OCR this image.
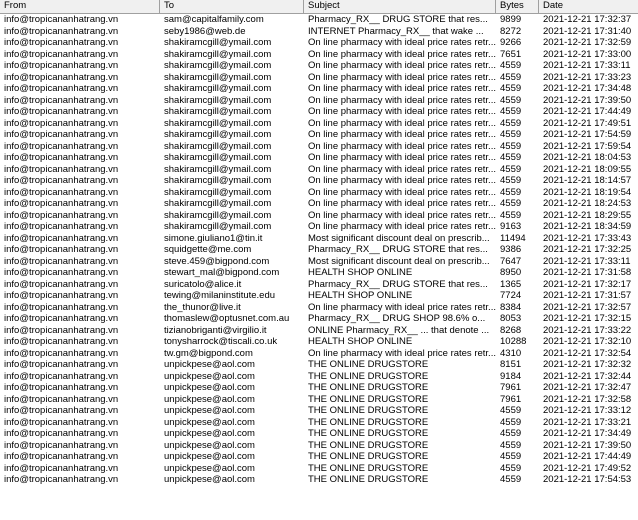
From	To	Subject	Bytes	Date
info@tropicananhatrang.vn	sam@capitalfamily.com	Pharmacy_RX__ DRUG STORE that res...	9899	2021-12-21 17:32:37
info@tropicananhatrang.vn	seby1986@web.de	INTERNET Pharmacy_RX__ that wake ...	8272	2021-12-21 17:31:40
info@tropicananhatrang.vn	shakiramcgill@ymail.com	On line pharmacy with ideal price rates retr... 9266	2021-12-21 17:32:59
info@tropicananhatrang.vn	shakiramcgill@ymail.com	On line pharmacy with ideal price rates retr... 7651	2021-12-21 17:33:00
info@tropicananhatrang.vn	shakiramcgill@ymail.com	On line pharmacy with ideal price rates retr... 4559	2021-12-21 17:33:11
info@tropicananhatrang.vn	shakiramcgill@ymail.com	On line pharmacy with ideal price rates retr... 4559	2021-12-21 17:33:23
info@tropicananhatrang.vn	shakiramcgill@ymail.com	On line pharmacy with ideal price rates retr... 4559	2021-12-21 17:34:48
info@tropicananhatrang.vn	shakiramcgill@ymail.com	On line pharmacy with ideal price rates retr... 4559	2021-12-21 17:39:50
info@tropicananhatrang.vn	shakiramcgill@ymail.com	On line pharmacy with ideal price rates retr... 4559	2021-12-21 17:44:49
info@tropicananhatrang.vn	shakiramcgill@ymail.com	On line pharmacy with ideal price rates retr... 4559	2021-12-21 17:49:51
info@tropicananhatrang.vn	shakiramcgill@ymail.com	On line pharmacy with ideal price rates retr... 4559	2021-12-21 17:54:59
info@tropicananhatrang.vn	shakiramcgill@ymail.com	On line pharmacy with ideal price rates retr... 4559	2021-12-21 17:59:54
info@tropicananhatrang.vn	shakiramcgill@ymail.com	On line pharmacy with ideal price rates retr... 4559	2021-12-21 18:04:53
info@tropicananhatrang.vn	shakiramcgill@ymail.com	On line pharmacy with ideal price rates retr... 4559	2021-12-21 18:09:55
info@tropicananhatrang.vn	shakiramcgill@ymail.com	On line pharmacy with ideal price rates retr... 4559	2021-12-21 18:14:57
info@tropicananhatrang.vn	shakiramcgill@ymail.com	On line pharmacy with ideal price rates retr... 4559	2021-12-21 18:19:54
info@tropicananhatrang.vn	shakiramcgill@ymail.com	On line pharmacy with ideal price rates retr... 4559	2021-12-21 18:24:53
info@tropicananhatrang.vn	shakiramcgill@ymail.com	On line pharmacy with ideal price rates retr... 4559	2021-12-21 18:29:55
info@tropicananhatrang.vn	shakiramcgill@ymail.com	On line pharmacy with ideal price rates retr... 9163	2021-12-21 18:34:59
info@tropicananhatrang.vn	simone.giuliano1@tin.it	Most significant discount deal on prescrib...	11494	2021-12-21 17:33:43
info@tropicananhatrang.vn	squidgette@me.com	Pharmacy_RX__ DRUG STORE that res...	9386	2021-12-21 17:32:25
info@tropicananhatrang.vn	steve.459@bigpond.com	Most significant discount deal on prescrib...	7647	2021-12-21 17:33:11
info@tropicananhatrang.vn	stewart_mal@bigpond.com	HEALTH SHOP ONLINE	8950	2021-12-21 17:31:58
info@tropicananhatrang.vn	suricatolo@alice.it	Pharmacy_RX__ DRUG STORE that res...	1365	2021-12-21 17:32:17
info@tropicananhatrang.vn	tewing@milaninstitute.edu	HEALTH SHOP ONLINE	7724	2021-12-21 17:31:57
info@tropicananhatrang.vn	the_thunor@live.it	On line pharmacy with ideal price rates retr... 8384	2021-12-21 17:32:57
info@tropicananhatrang.vn	thomaslew@optusnet.com.au	Pharmacy_RX__ DRUG SHOP 98.6% o...	8053	2021-12-21 17:32:15
info@tropicananhatrang.vn	tizianobriganti@virgilio.it	ONLINE Pharmacy_RX__ ... that denote ...	8268	2021-12-21 17:33:22
info@tropicananhatrang.vn	tonysharrock@tiscali.co.uk	HEALTH SHOP ONLINE	10288	2021-12-21 17:32:10
info@tropicananhatrang.vn	tw.gm@bigpond.com	On line pharmacy with ideal price rates retr... 4310	2021-12-21 17:32:54
info@tropicananhatrang.vn	unpickpese@aol.com	THE ONLINE DRUGSTORE	8151	2021-12-21 17:32:32
info@tropicananhatrang.vn	unpickpese@aol.com	THE ONLINE DRUGSTORE	9184	2021-12-21 17:32:44
info@tropicananhatrang.vn	unpickpese@aol.com	THE ONLINE DRUGSTORE	7961	2021-12-21 17:32:47
info@tropicananhatrang.vn	unpickpese@aol.com	THE ONLINE DRUGSTORE	7961	2021-12-21 17:32:58
info@tropicananhatrang.vn	unpickpese@aol.com	THE ONLINE DRUGSTORE	4559	2021-12-21 17:33:12
info@tropicananhatrang.vn	unpickpese@aol.com	THE ONLINE DRUGSTORE	4559	2021-12-21 17:33:21
info@tropicananhatrang.vn	unpickpese@aol.com	THE ONLINE DRUGSTORE	4559	2021-12-21 17:34:49
info@tropicananhatrang.vn	unpickpese@aol.com	THE ONLINE DRUGSTORE	4559	2021-12-21 17:39:50
info@tropicananhatrang.vn	unpickpese@aol.com	THE ONLINE DRUGSTORE	4559	2021-12-21 17:44:49
info@tropicananhatrang.vn	unpickpese@aol.com	THE ONLINE DRUGSTORE	4559	2021-12-21 17:49:52
info@tropicananhatrang.vn	unpickpese@aol.com	THE ONLINE DRUGSTORE	4559	2021-12-21 17:54:53
